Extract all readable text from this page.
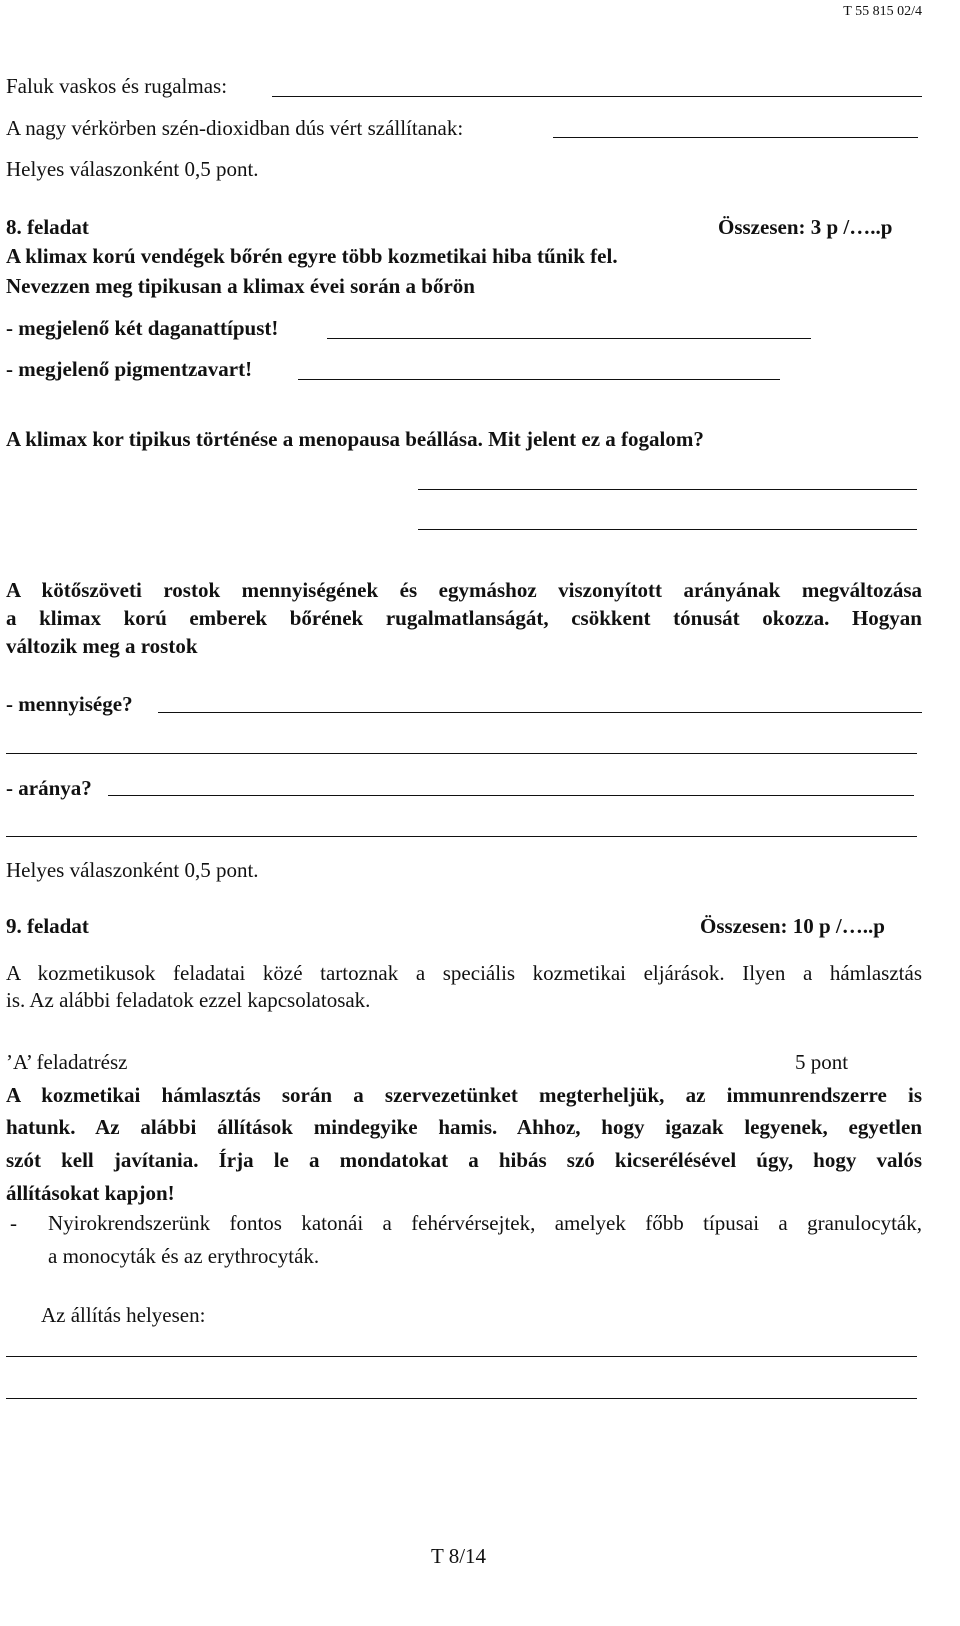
T 55 815 02/4
Faluk vaskos és rugalmas:
A nagy vérkörben szén-dioxidban dús vért szállítanak:
Helyes válaszonként 0,5 pont.
8. feladat	Összesen: 3 p /…..p
A klimax korú vendégek bőrén egyre több kozmetikai hiba tűnik fel.
Nevezzen meg tipikusan a klimax évei során a bőrön
- megjelenő két daganattípust!
- megjelenő pigmentzavart!
A klimax kor tipikus történése a menopausa beállása. Mit jelent ez a fogalom?
A kötőszöveti rostok mennyiségének és egymáshoz viszonyított arányának megváltozása
a klimax korú emberek bőrének rugalmatlanságát, csökkent tónusát okozza. Hogyan
változik meg a rostok
- mennyisége?
- aránya?
Helyes válaszonként 0,5 pont.
9. feladat	Összesen: 10 p /…..p
A kozmetikusok feladatai közé tartoznak a speciális kozmetikai eljárások. Ilyen a hámlasztás
is. Az alábbi feladatok ezzel kapcsolatosak.
’A’ feladatrész	5 pont
A kozmetikai hámlasztás során a szervezetünket megterheljük, az immunrendszerre is
hatunk. Az alábbi állítások mindegyike hamis. Ahhoz, hogy igazak legyenek, egyetlen
szót kell javítania. Írja le a mondatokat a hibás szó kicserélésével úgy, hogy valós
állításokat kapjon!
- Nyirokrendszerünk fontos katonái a fehérvérsejtek, amelyek főbb típusai a granulocyták,
a monocyták és az erythrocyták.
Az állítás helyesen:
T 8/14
